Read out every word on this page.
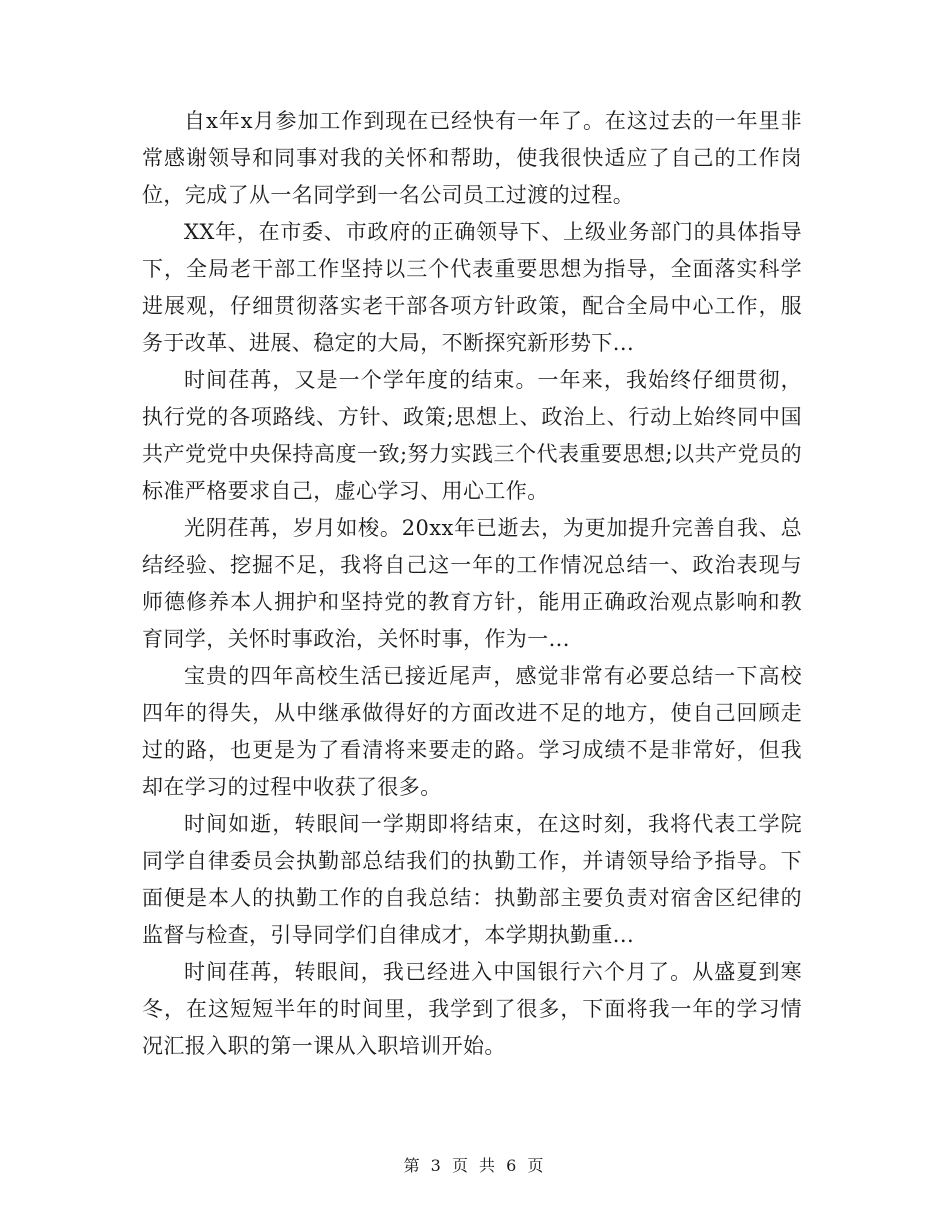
自x年x月参加工作到现在已经快有一年了。在这过去的一年里非常感谢领导和同事对我的关怀和帮助，使我很快适应了自己的工作岗位，完成了从一名同学到一名公司员工过渡的过程。

XX年，在市委、市政府的正确领导下、上级业务部门的具体指导下，全局老干部工作坚持以三个代表重要思想为指导，全面落实科学进展观，仔细贯彻落实老干部各项方针政策，配合全局中心工作，服务于改革、进展、稳定的大局，不断探究新形势下...

时间荏苒，又是一个学年度的结束。一年来，我始终仔细贯彻，执行党的各项路线、方针、政策;思想上、政治上、行动上始终同中国共产党党中央保持高度一致;努力实践三个代表重要思想;以共产党员的标准严格要求自己，虚心学习、用心工作。

光阴荏苒，岁月如梭。20xx年已逝去，为更加提升完善自我、总结经验、挖掘不足，我将自己这一年的工作情况总结一、政治表现与师德修养本人拥护和坚持党的教育方针，能用正确政治观点影响和教育同学，关怀时事政治，关怀时事，作为一...

宝贵的四年高校生活已接近尾声，感觉非常有必要总结一下高校四年的得失，从中继承做得好的方面改进不足的地方，使自己回顾走过的路，也更是为了看清将来要走的路。学习成绩不是非常好，但我却在学习的过程中收获了很多。

时间如逝，转眼间一学期即将结束，在这时刻，我将代表工学院同学自律委员会执勤部总结我们的执勤工作，并请领导给予指导。下面便是本人的执勤工作的自我总结：执勤部主要负责对宿舍区纪律的监督与检查，引导同学们自律成才，本学期执勤重...

时间荏苒，转眼间，我已经进入中国银行六个月了。从盛夏到寒冬，在这短短半年的时间里，我学到了很多，下面将我一年的学习情况汇报入职的第一课从入职培训开始。

第 3 页 共 6 页
